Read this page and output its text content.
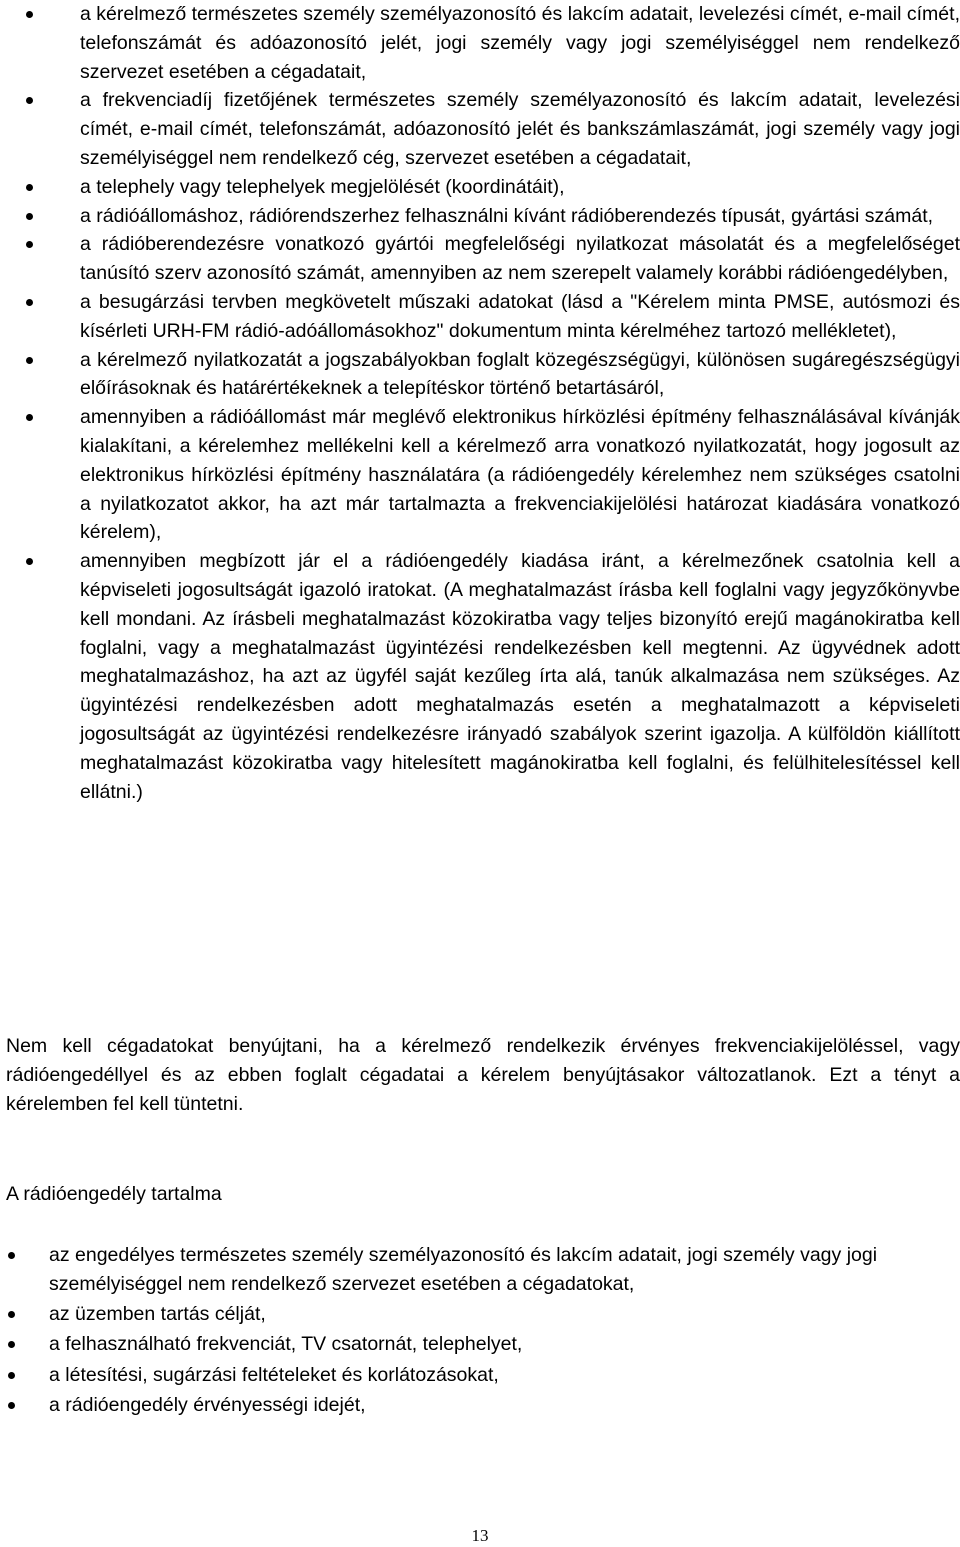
a kérelmező természetes személy személyazonosító és lakcím adatait, levelezési címét, e-mail címét, telefonszámát és adóazonosító jelét, jogi személy vagy jogi személyiséggel nem rendelkező szervezet esetében a cégadatait,
a frekvenciadíj fizetőjének természetes személy személyazonosító és lakcím adatait, levelezési címét, e-mail címét, telefonszámát, adóazonosító jelét és bankszámlaszámát, jogi személy vagy jogi személyiséggel nem rendelkező cég, szervezet esetében a cégadatait,
a telephely vagy telephelyek megjelölését (koordinátáit),
a rádióállomáshoz, rádiórendszerhez felhasználni kívánt rádióberendezés típusát, gyártási számát,
a rádióberendezésre vonatkozó gyártói megfelelőségi nyilatkozat másolatát és a megfelelőséget tanúsító szerv azonosító számát, amennyiben az nem szerepelt valamely korábbi rádióengedélyben,
a besugárzási tervben megkövetelt műszaki adatokat (lásd a "Kérelem minta PMSE, autósmozi és kísérleti URH-FM rádió-adóállomásokhoz" dokumentum minta kérelméhez tartozó mellékletet),
a kérelmező nyilatkozatát a jogszabályokban foglalt közegészségügyi, különösen sugáregészségügyi előírásoknak és határértékeknek a telepítéskor történő betartásáról,
amennyiben a rádióállomást már meglévő elektronikus hírközlési építmény felhasználásával kívánják kialakítani, a kérelemhez mellékelni kell a kérelmező arra vonatkozó nyilatkozatát, hogy jogosult az elektronikus hírközlési építmény használatára (a rádióengedély kérelemhez nem szükséges csatolni a nyilatkozatot akkor, ha azt már tartalmazta a frekvenciakijelölési határozat kiadására vonatkozó kérelem),
amennyiben megbízott jár el a rádióengedély kiadása iránt, a kérelmezőnek csatolnia kell a képviseleti jogosultságát igazoló iratokat. (A meghatalmazást írásba kell foglalni vagy jegyzőkönyvbe kell mondani. Az írásbeli meghatalmazást közokiratba vagy teljes bizonyító erejű magánokiratba kell foglalni, vagy a meghatalmazást ügyintézési rendelkezésben kell megtenni. Az ügyvédnek adott meghatalmazáshoz, ha azt az ügyfél saját kezűleg írta alá, tanúk alkalmazása nem szükséges. Az ügyintézési rendelkezésben adott meghatalmazás esetén a meghatalmazott a képviseleti jogosultságát az ügyintézési rendelkezésre irányadó szabályok szerint igazolja. A külföldön kiállított meghatalmazást közokiratba vagy hitelesített magánokiratba kell foglalni, és felülhitelesítéssel kell ellátni.)

Nem kell cégadatokat benyújtani, ha a kérelmező rendelkezik érvényes frekvenciakijelöléssel, vagy rádióengedéllyel és az ebben foglalt cégadatai a kérelem benyújtásakor változatlanok. Ezt a tényt a kérelemben fel kell tüntetni.

A rádióengedély tartalma
az engedélyes természetes személy személyazonosító és lakcím adatait, jogi személy vagy jogi személyiséggel nem rendelkező szervezet esetében a cégadatokat,
az üzemben tartás célját,
a felhasználható frekvenciát, TV csatornát, telephelyet,
a létesítési, sugárzási feltételeket és korlátozásokat,
a rádióengedély érvényességi idejét,
13
